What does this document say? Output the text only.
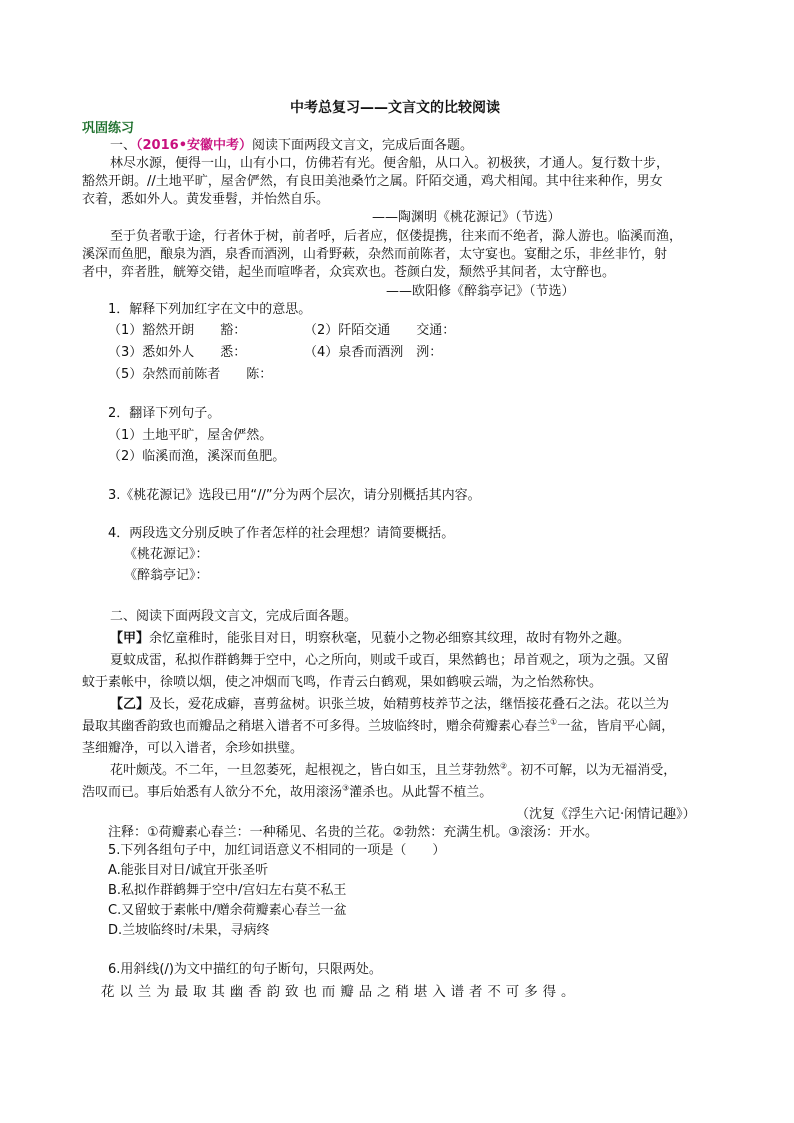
中考总复习——文言文的比较阅读
巩固练习
一、（2016•安徽中考）阅读下面两段文言文，完成后面各题。
林尽水源，便得一山，山有小口，仿佛若有光。便舍船，从口入。初极狭，才通人。复行数十步，
豁然开朗。//土地平旷，屋舍俨然，有良田美池桑竹之属。阡陌交通，鸡犬相闻。其中往来种作，男女
衣着，悉如外人。黄发垂髫，并怡然自乐。
——陶渊明《桃花源记》（节选）
至于负者歌于途，行者休于树，前者呼，后者应，伛偻提携，往来而不绝者，滁人游也。临溪而渔，
溪深而鱼肥，酿泉为酒，泉香而酒洌，山肴野蔌，杂然而前陈者，太守宴也。宴酣之乐，非丝非竹，射
者中，弈者胜，觥筹交错，起坐而喧哗者，众宾欢也。苍颜白发，颓然乎其间者，太守醉也。
——欧阳修《醉翁亭记》（节选）
1．解释下列加红字在文中的意思。
（1）豁然开朗　　豁：	（2）阡陌交通　　交通：
（3）悉如外人　　悉：	（4）泉香而酒洌　洌：
（5）杂然而前陈者　　陈：
2．翻译下列句子。
（1）土地平旷，屋舍俨然。
（2）临溪而渔，溪深而鱼肥。
3.《桃花源记》选段已用“//”分为两个层次，请分别概括其内容。
4．两段选文分别反映了作者怎样的社会理想？请简要概括。
《桃花源记》：
《醉翁亭记》：
二、阅读下面两段文言文，完成后面各题。
【甲】余忆童稚时，能张目对日，明察秋毫，见藐小之物必细察其纹理，故时有物外之趣。
夏蚊成雷，私拟作群鹤舞于空中，心之所向，则或千或百，果然鹤也；昂首观之，项为之强。又留
蚊于素帐中，徐喷以烟，使之冲烟而飞鸣，作青云白鹤观，果如鹤唳云端，为之怡然称快。
【乙】及长，爱花成癖，喜剪盆树。识张兰坡，始精剪枝养节之法，继悟接花叠石之法。花以兰为
最取其幽香韵致也而瓣品之稍堪入谱者不可多得。兰坡临终时，赠余荷瓣素心春兰①一盆，皆肩平心阔，
茎细瓣净，可以入谱者，余珍如拱璧。
花叶颇茂。不二年，一旦忽萎死，起根视之，皆白如玉，且兰芽勃然②。初不可解，以为无福消受，
浩叹而已。事后始悉有人欲分不允，故用滚汤③灌杀也。从此誓不植兰。
（沈复《浮生六记·闲情记趣》）
注释：①荷瓣素心春兰：一种稀见、名贵的兰花。②勃然：充满生机。③滚汤：开水。
5.下列各组句子中，加红词语意义不相同的一项是（　　）
A.能张目对日/诚宜开张圣听
B.私拟作群鹤舞于空中/宫妇左右莫不私王
C.又留蚊于素帐中/赠余荷瓣素心春兰一盆
D.兰坡临终时/未果，寻病终
6.用斜线(/)为文中描红的句子断句，只限两处。
花以兰为最取其幽香韵致也而瓣品之稍堪入谱者不可多得。
